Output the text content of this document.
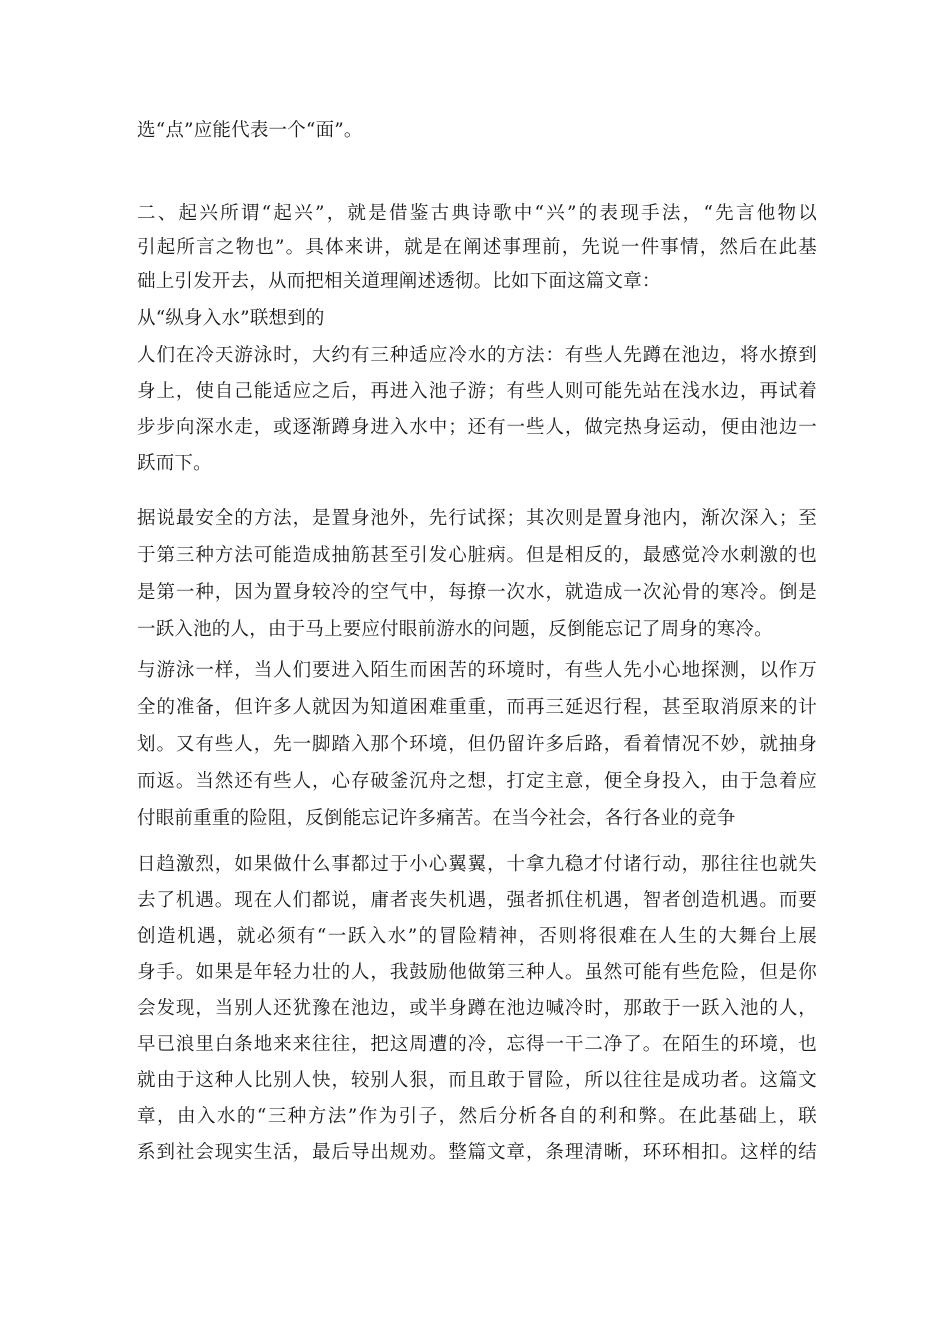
选“点”应能代表一个“面”。
二、起兴所谓“起兴”，就是借鉴古典诗歌中“兴”的表现手法，“先言他物以
引起所言之物也”。具体来讲，就是在阐述事理前，先说一件事情，然后在此基
础上引发开去，从而把相关道理阐述透彻。比如下面这篇文章：
从“纵身入水”联想到的
人们在冷天游泳时，大约有三种适应冷水的方法：有些人先蹲在池边，将水撩到
身上，使自己能适应之后，再进入池子游；有些人则可能先站在浅水边，再试着
步步向深水走，或逐渐蹲身进入水中；还有一些人，做完热身运动，便由池边一
跃而下。
据说最安全的方法，是置身池外，先行试探；其次则是置身池内，渐次深入；至
于第三种方法可能造成抽筋甚至引发心脏病。但是相反的，最感觉冷水刺激的也
是第一种，因为置身较冷的空气中，每撩一次水，就造成一次沁骨的寒冷。倒是
一跃入池的人，由于马上要应付眼前游水的问题，反倒能忘记了周身的寒冷。
与游泳一样，当人们要进入陌生而困苦的环境时，有些人先小心地探测，以作万
全的准备，但许多人就因为知道困难重重，而再三延迟行程，甚至取消原来的计
划。又有些人，先一脚踏入那个环境，但仍留许多后路，看着情况不妙，就抽身
而返。当然还有些人，心存破釜沉舟之想，打定主意，便全身投入，由于急着应
付眼前重重的险阻，反倒能忘记许多痛苦。在当今社会，各行各业的竞争
日趋激烈，如果做什么事都过于小心翼翼，十拿九稳才付诸行动，那往往也就失
去了机遇。现在人们都说，庸者丧失机遇，强者抓住机遇，智者创造机遇。而要
创造机遇，就必须有“一跃入水”的冒险精神，否则将很难在人生的大舞台上展
身手。如果是年轻力壮的人，我鼓励他做第三种人。虽然可能有些危险，但是你
会发现，当别人还犹豫在池边，或半身蹲在池边喊冷时，那敢于一跃入池的人，
早已浪里白条地来来往往，把这周遭的冷，忘得一干二净了。在陌生的环境，也
就由于这种人比别人快，较别人狠，而且敢于冒险，所以往往是成功者。这篇文
章，由入水的“三种方法”作为引子，然后分析各自的利和弊。在此基础上，联
系到社会现实生活，最后导出规劝。整篇文章，条理清晰，环环相扣。这样的结
